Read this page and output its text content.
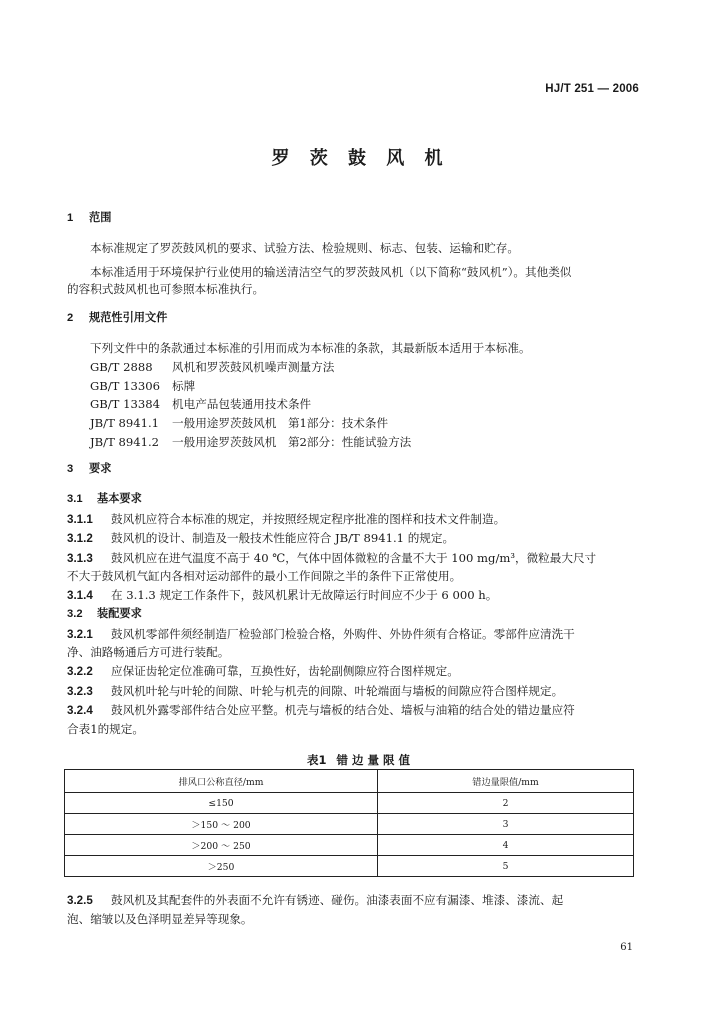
HJ/T 251 — 2006
罗 茨 鼓 风 机
1 范围
本标准规定了罗茨鼓风机的要求、试验方法、检验规则、标志、包装、运输和贮存。
本标准适用于环境保护行业使用的输送清洁空气的罗茨鼓风机（以下简称“鼓风机”）。其他类似
的容积式鼓风机也可参照本标准执行。
2 规范性引用文件
下列文件中的条款通过本标准的引用而成为本标准的条款，其最新版本适用于本标准。
GB/T 2888 风机和罗茨鼓风机噪声测量方法
GB/T 13306 标牌
GB/T 13384 机电产品包装通用技术条件
JB/T 8941.1 一般用途罗茨鼓风机　第1部分：技术条件
JB/T 8941.2 一般用途罗茨鼓风机　第2部分：性能试验方法
3 要求
3.1 基本要求
3.1.1 鼓风机应符合本标准的规定，并按照经规定程序批准的图样和技术文件制造。
3.1.2 鼓风机的设计、制造及一般技术性能应符合 JB/T 8941.1 的规定。
3.1.3 鼓风机应在进气温度不高于 40 ℃，气体中固体微粒的含量不大于 100 mg/m³，微粒最大尺寸
不大于鼓风机气缸内各相对运动部件的最小工作间隙之半的条件下正常使用。
3.1.4 在 3.1.3 规定工作条件下，鼓风机累计无故障运行时间应不少于 6 000 h。
3.2 装配要求
3.2.1 鼓风机零部件须经制造厂检验部门检验合格，外购件、外协件须有合格证。零部件应清洗干
净、油路畅通后方可进行装配。
3.2.2 应保证齿轮定位准确可靠，互换性好，齿轮副侧隙应符合图样规定。
3.2.3 鼓风机叶轮与叶轮的间隙、叶轮与机壳的间隙、叶轮端面与墙板的间隙应符合图样规定。
3.2.4 鼓风机外露零部件结合处应平整。机壳与墙板的结合处、墙板与油箱的结合处的错边量应符
合表1的规定。
表1 错边量限值
排风口公称直径/mm	错边量限值/mm
≤150	2
＞150 ～ 200	3
＞200 ～ 250	4
＞250	5
3.2.5 鼓风机及其配套件的外表面不允许有锈迹、碰伤。油漆表面不应有漏漆、堆漆、漆流、起
泡、缩皱以及色泽明显差异等现象。
61
